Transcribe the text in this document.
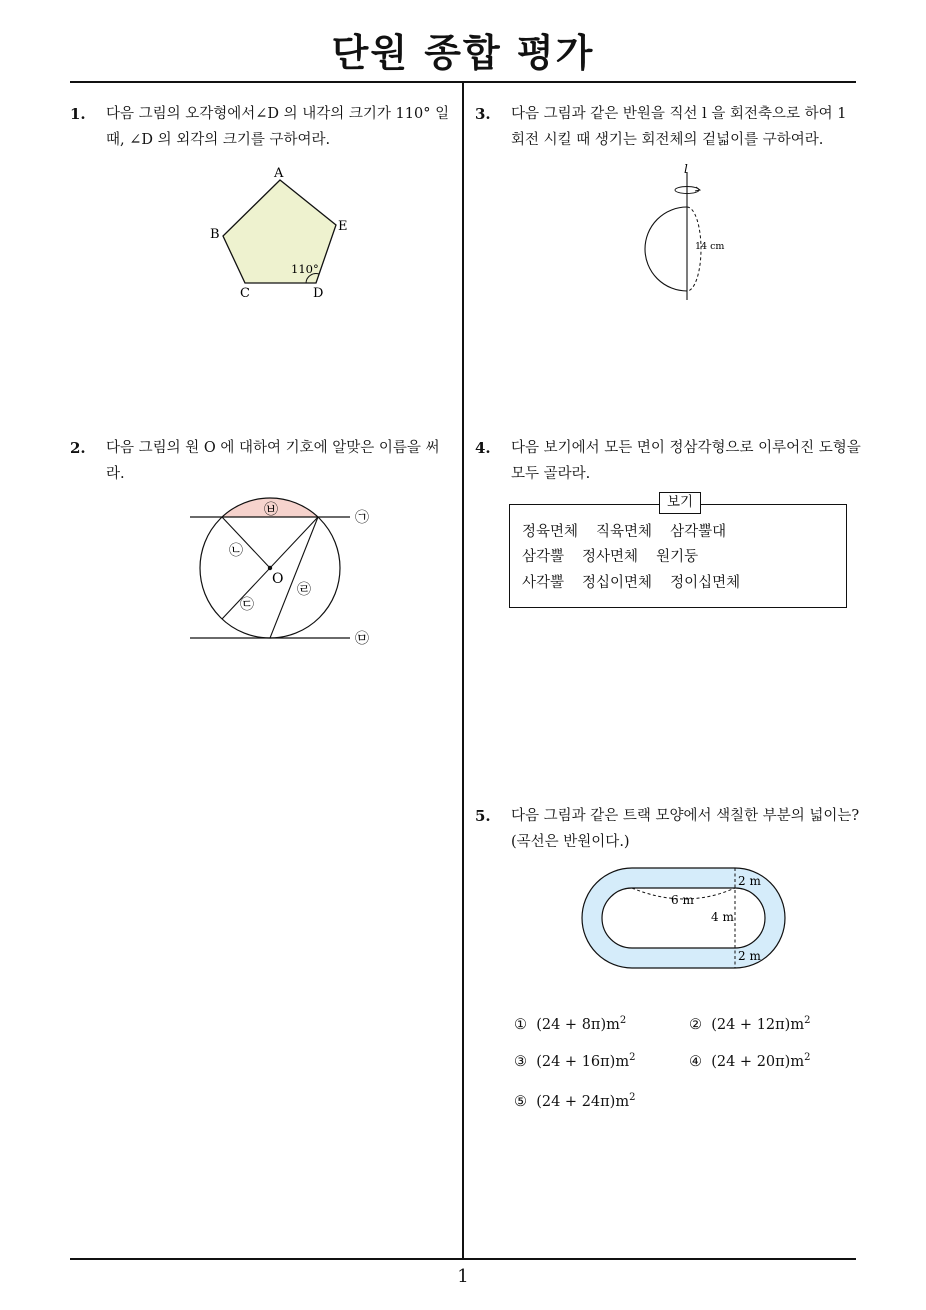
단원 종합 평가
1
1. 다음 그림의 오각형에서∠D 의 내각의 크기가 110° 일 때, ∠D 의 외각의 크기를 구하여라.
A
B
C	D
E
110°
2. 다음 그림의 원 O 에 대하여 기호에 알맞은 이름을 써라.
O
㉠
㉡
㉢
㉣
㉤
㉥
3. 다음 그림과 같은 반원을 직선 l 을 회전축으로 하여 1 회전 시킬 때 생기는 회전체의 겉넓이를 구하여라.
l
14 cm
4. 다음 보기에서 모든 면이 정삼각형으로 이루어진 도형을 모두 골라라.
보기
정육면체 직육면체 삼각뿔대
삼각뿔 정사면체 원기둥
사각뿔 정십이면체 정이십면체
5. 다음 그림과 같은 트랙 모양에서 색칠한 부분의 넓이는? (곡선은 반원이다.)
2 m
6 m
4 m
2 m
① $(24 + 8\pi)m^2$	② $(24 + 12\pi)m^2$
③ $(24 + 16\pi)m^2$	④ $(24 + 20\pi)m^2$
⑤ $(24 + 24\pi)m^2$
